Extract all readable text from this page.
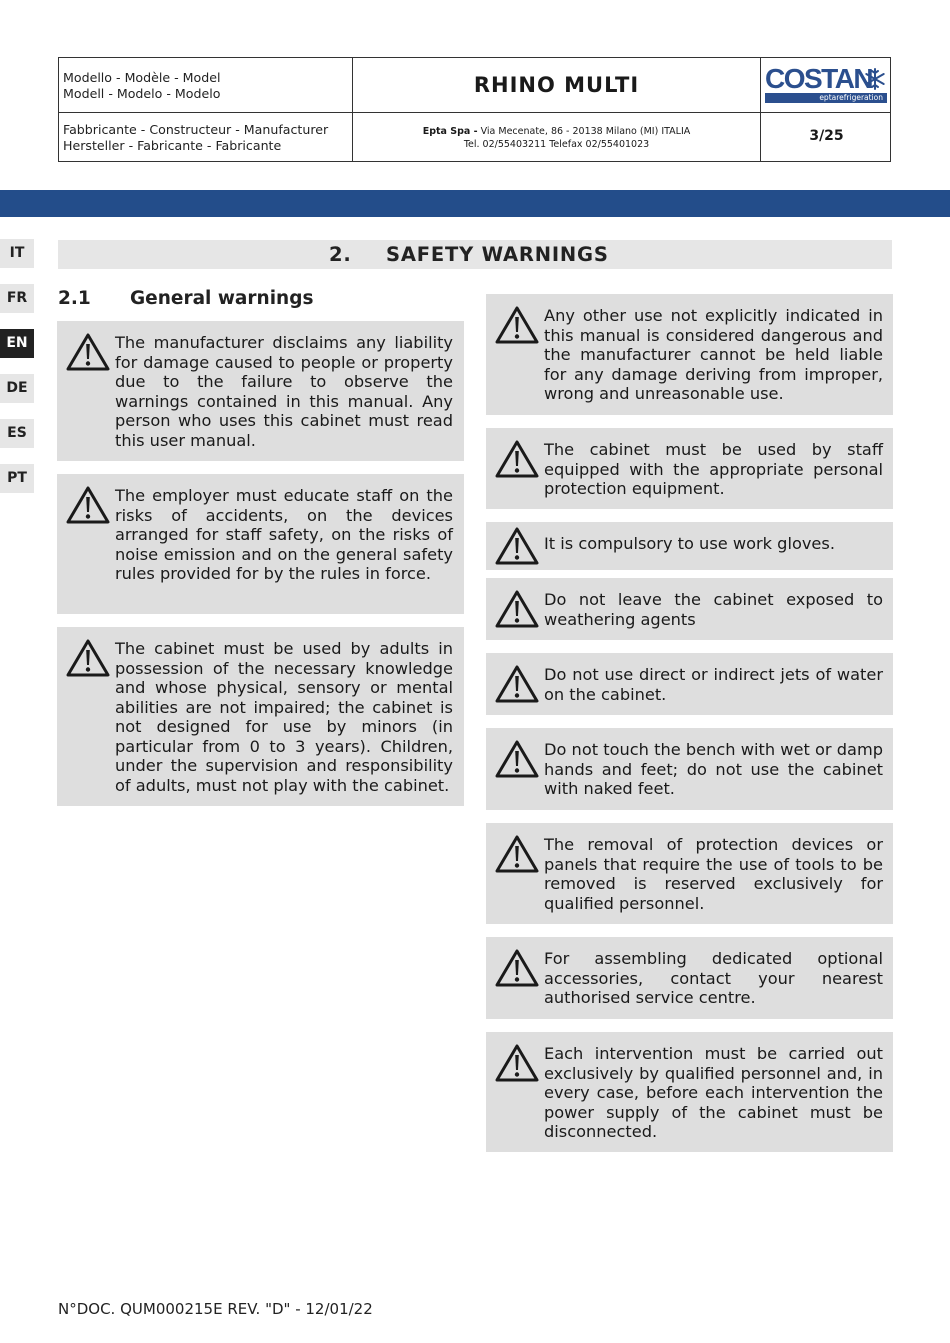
Modello - Modèle - Model
Modell - Modelo - Modelo	RHINO MULTI	COSTAN
eptarefrigeration
Fabbricante - Constructeur - Manufacturer
Hersteller - Fabricante - Fabricante
Epta Spa - Via Mecenate, 86 - 20138 Milano (MI) ITALIA
Tel. 02/55403211 Telefax 02/55401023
3/25
IT
FR
EN
DE
ES
PT
2. SAFETY WARNINGS
2.1 General warnings
The manufacturer disclaims any liability for damage caused to people or property due to the failure to observe the warnings contained in this manual. Any person who uses this cabinet must read this user manual.
The employer must educate staff on the risks of accidents, on the devices arranged for staff safety, on the risks of noise emission and on the general safety rules provided for by the rules in force.
The cabinet must be used by adults in possession of the necessary knowledge and whose physical, sensory or mental abilities are not impaired; the cabinet is not designed for use by minors (in particular from 0 to 3 years). Children, under the supervision and responsibility of adults, must not play with the cabinet.
Any other use not explicitly indicated in this manual is considered dangerous and the manufacturer cannot be held liable for any damage deriving from improper, wrong and unreasonable use.
The cabinet must be used by staff equipped with the appropriate personal protection equipment.
It is compulsory to use work gloves.
Do not leave the cabinet exposed to weathering agents
Do not use direct or indirect jets of water on the cabinet.
Do not touch the bench with wet or damp hands and feet; do not use the cabinet with naked feet.
The removal of protection devices or panels that require the use of tools to be removed is reserved exclusively for qualified personnel.
For assembling dedicated optional accessories, contact your nearest authorised service centre.
Each intervention must be carried out exclusively by qualified personnel and, in every case, before each intervention the power supply of the cabinet must be disconnected.
N°DOC. QUM000215E REV. "D" - 12/01/22
